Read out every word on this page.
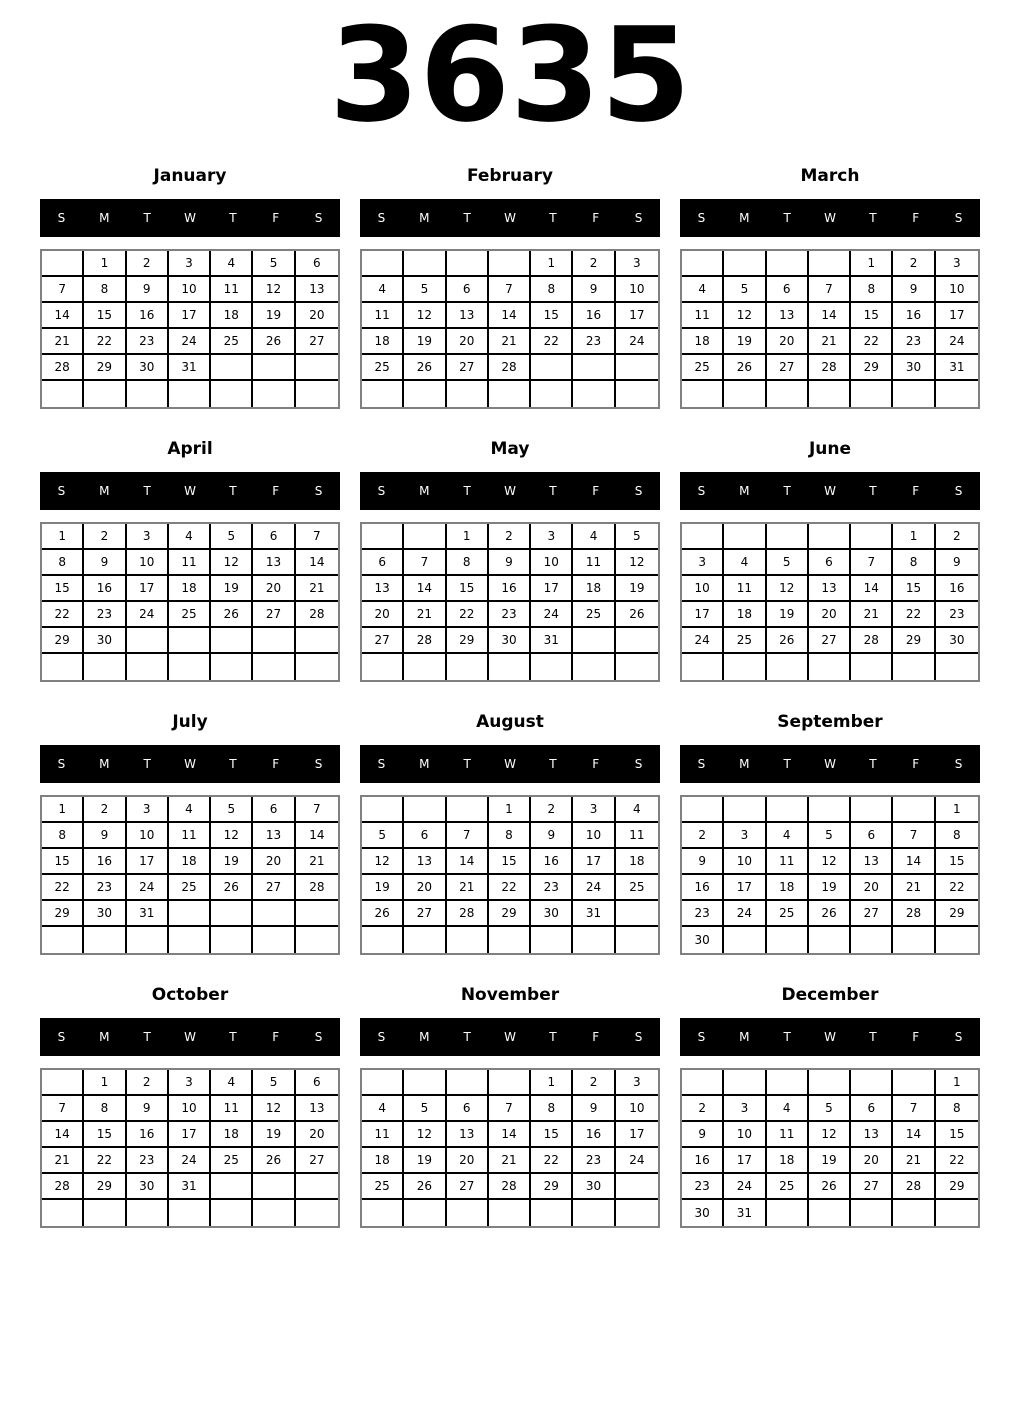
3635
January
S	M	T	W	T	F	S
	1	2	3	4	5	6
7	8	9	10	11	12	13
14	15	16	17	18	19	20
21	22	23	24	25	26	27
28	29	30	31			

February
S	M	T	W	T	F	S
				1	2	3
4	5	6	7	8	9	10
11	12	13	14	15	16	17
18	19	20	21	22	23	24
25	26	27	28			

March
S	M	T	W	T	F	S
				1	2	3
4	5	6	7	8	9	10
11	12	13	14	15	16	17
18	19	20	21	22	23	24
25	26	27	28	29	30	31

April
S	M	T	W	T	F	S
1	2	3	4	5	6	7
8	9	10	11	12	13	14
15	16	17	18	19	20	21
22	23	24	25	26	27	28
29	30					

May
S	M	T	W	T	F	S
		1	2	3	4	5
6	7	8	9	10	11	12
13	14	15	16	17	18	19
20	21	22	23	24	25	26
27	28	29	30	31		

June
S	M	T	W	T	F	S
					1	2
3	4	5	6	7	8	9
10	11	12	13	14	15	16
17	18	19	20	21	22	23
24	25	26	27	28	29	30

July
S	M	T	W	T	F	S
1	2	3	4	5	6	7
8	9	10	11	12	13	14
15	16	17	18	19	20	21
22	23	24	25	26	27	28
29	30	31				

August
S	M	T	W	T	F	S
			1	2	3	4
5	6	7	8	9	10	11
12	13	14	15	16	17	18
19	20	21	22	23	24	25
26	27	28	29	30	31	

September
S	M	T	W	T	F	S
						1
2	3	4	5	6	7	8
9	10	11	12	13	14	15
16	17	18	19	20	21	22
23	24	25	26	27	28	29
30						
October
S	M	T	W	T	F	S
	1	2	3	4	5	6
7	8	9	10	11	12	13
14	15	16	17	18	19	20
21	22	23	24	25	26	27
28	29	30	31			

November
S	M	T	W	T	F	S
				1	2	3
4	5	6	7	8	9	10
11	12	13	14	15	16	17
18	19	20	21	22	23	24
25	26	27	28	29	30	

December
S	M	T	W	T	F	S
						1
2	3	4	5	6	7	8
9	10	11	12	13	14	15
16	17	18	19	20	21	22
23	24	25	26	27	28	29
30	31					
